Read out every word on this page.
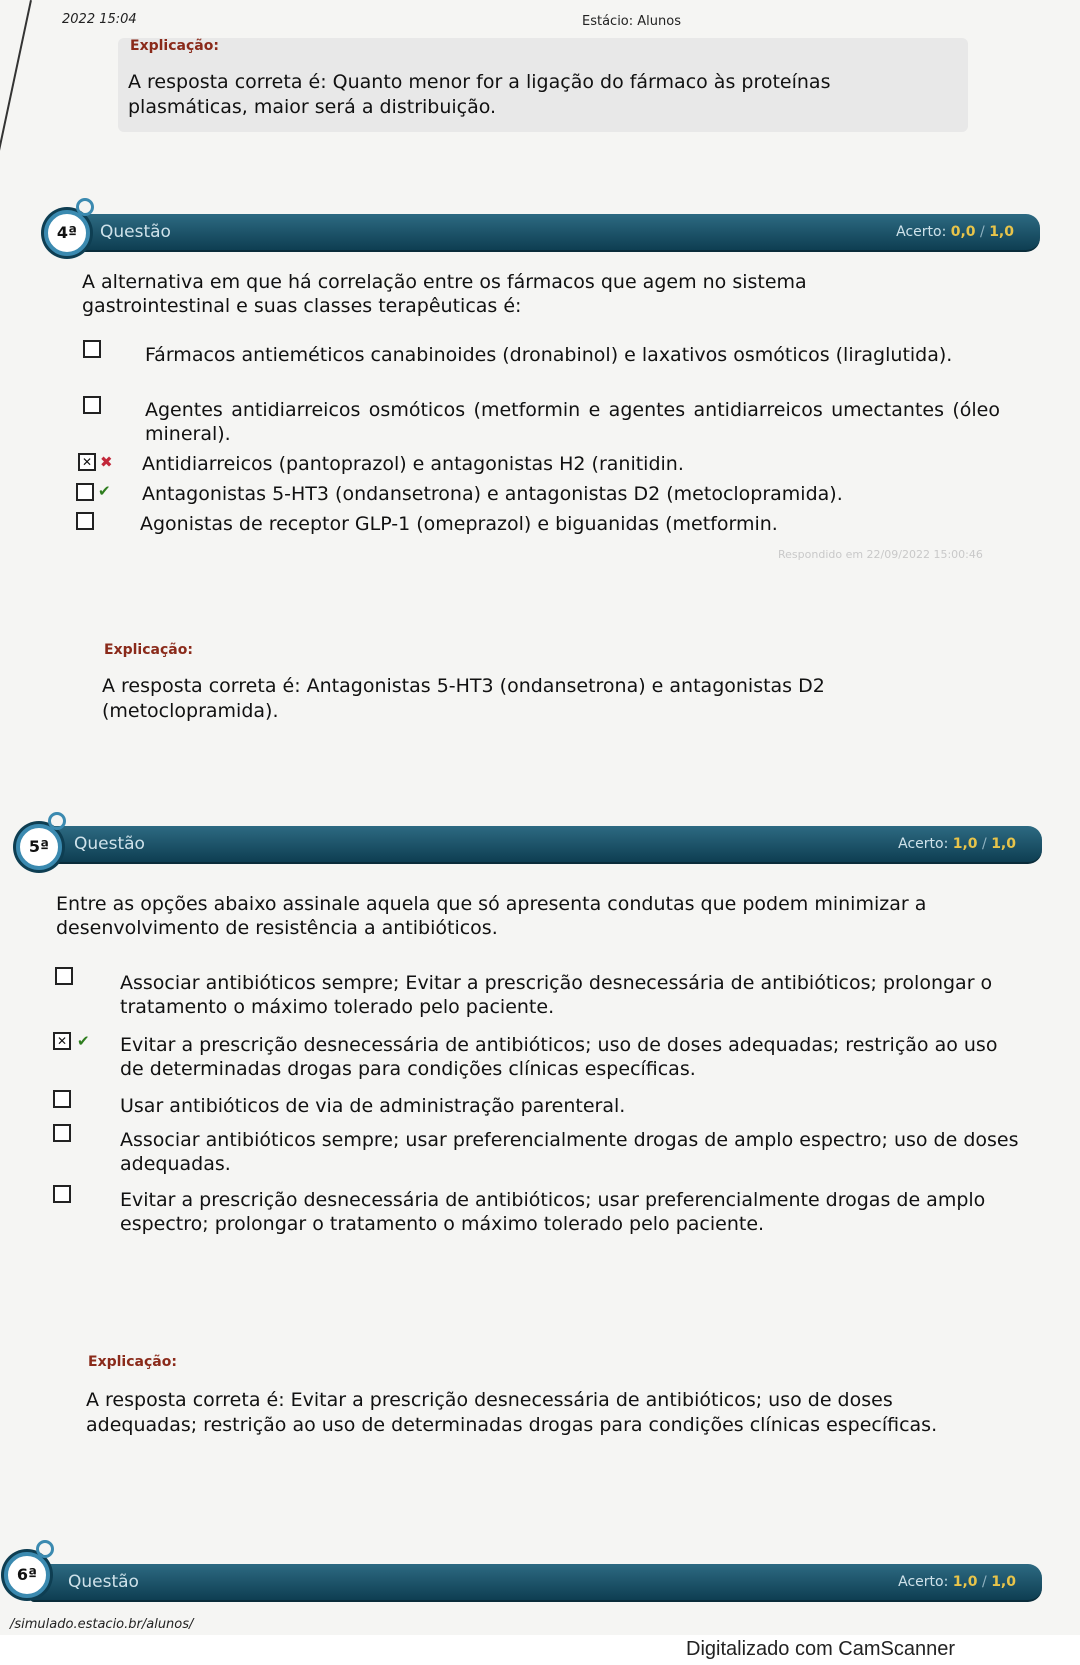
2022 15:04	Estácio: Alunos
Explicação:
A resposta correta é: Quanto menor for a ligação do fármaco às proteínas plasmáticas, maior será a distribuição.
Questão	Acerto: 0,0 / 1,0
4ª
A alternativa em que há correlação entre os fármacos que agem no sistema gastrointestinal e suas classes terapêuticas é:
Fármacos antieméticos canabinoides (dronabinol) e laxativos osmóticos (liraglutida).
Agentes antidiarreicos osmóticos (metformin e agentes antidiarreicos umectantes (óleo mineral).
✕ ✖ Antidiarreicos (pantoprazol) e antagonistas H2 (ranitidin.
✔ Antagonistas 5-HT3 (ondansetrona) e antagonistas D2 (metoclopramida).
Agonistas de receptor GLP-1 (omeprazol) e biguanidas (metformin.
Respondido em 22/09/2022 15:00:46
Explicação:
A resposta correta é: Antagonistas 5-HT3 (ondansetrona) e antagonistas D2 (metoclopramida).
Questão	Acerto: 1,0 / 1,0
5ª
Entre as opções abaixo assinale aquela que só apresenta condutas que podem minimizar a desenvolvimento de resistência a antibióticos.
Associar antibióticos sempre; Evitar a prescrição desnecessária de antibióticos; prolongar o tratamento o máximo tolerado pelo paciente.
✕ ✔ Evitar a prescrição desnecessária de antibióticos; uso de doses adequadas; restrição ao uso de determinadas drogas para condições clínicas específicas.
Usar antibióticos de via de administração parenteral.
Associar antibióticos sempre; usar preferencialmente drogas de amplo espectro; uso de doses adequadas.
Evitar a prescrição desnecessária de antibióticos; usar preferencialmente drogas de amplo espectro; prolongar o tratamento o máximo tolerado pelo paciente.
Explicação:
A resposta correta é: Evitar a prescrição desnecessária de antibióticos; uso de doses adequadas; restrição ao uso de determinadas drogas para condições clínicas específicas.
Questão	Acerto: 1,0 / 1,0
6ª
/simulado.estacio.br/alunos/
Digitalizado com CamScanner
